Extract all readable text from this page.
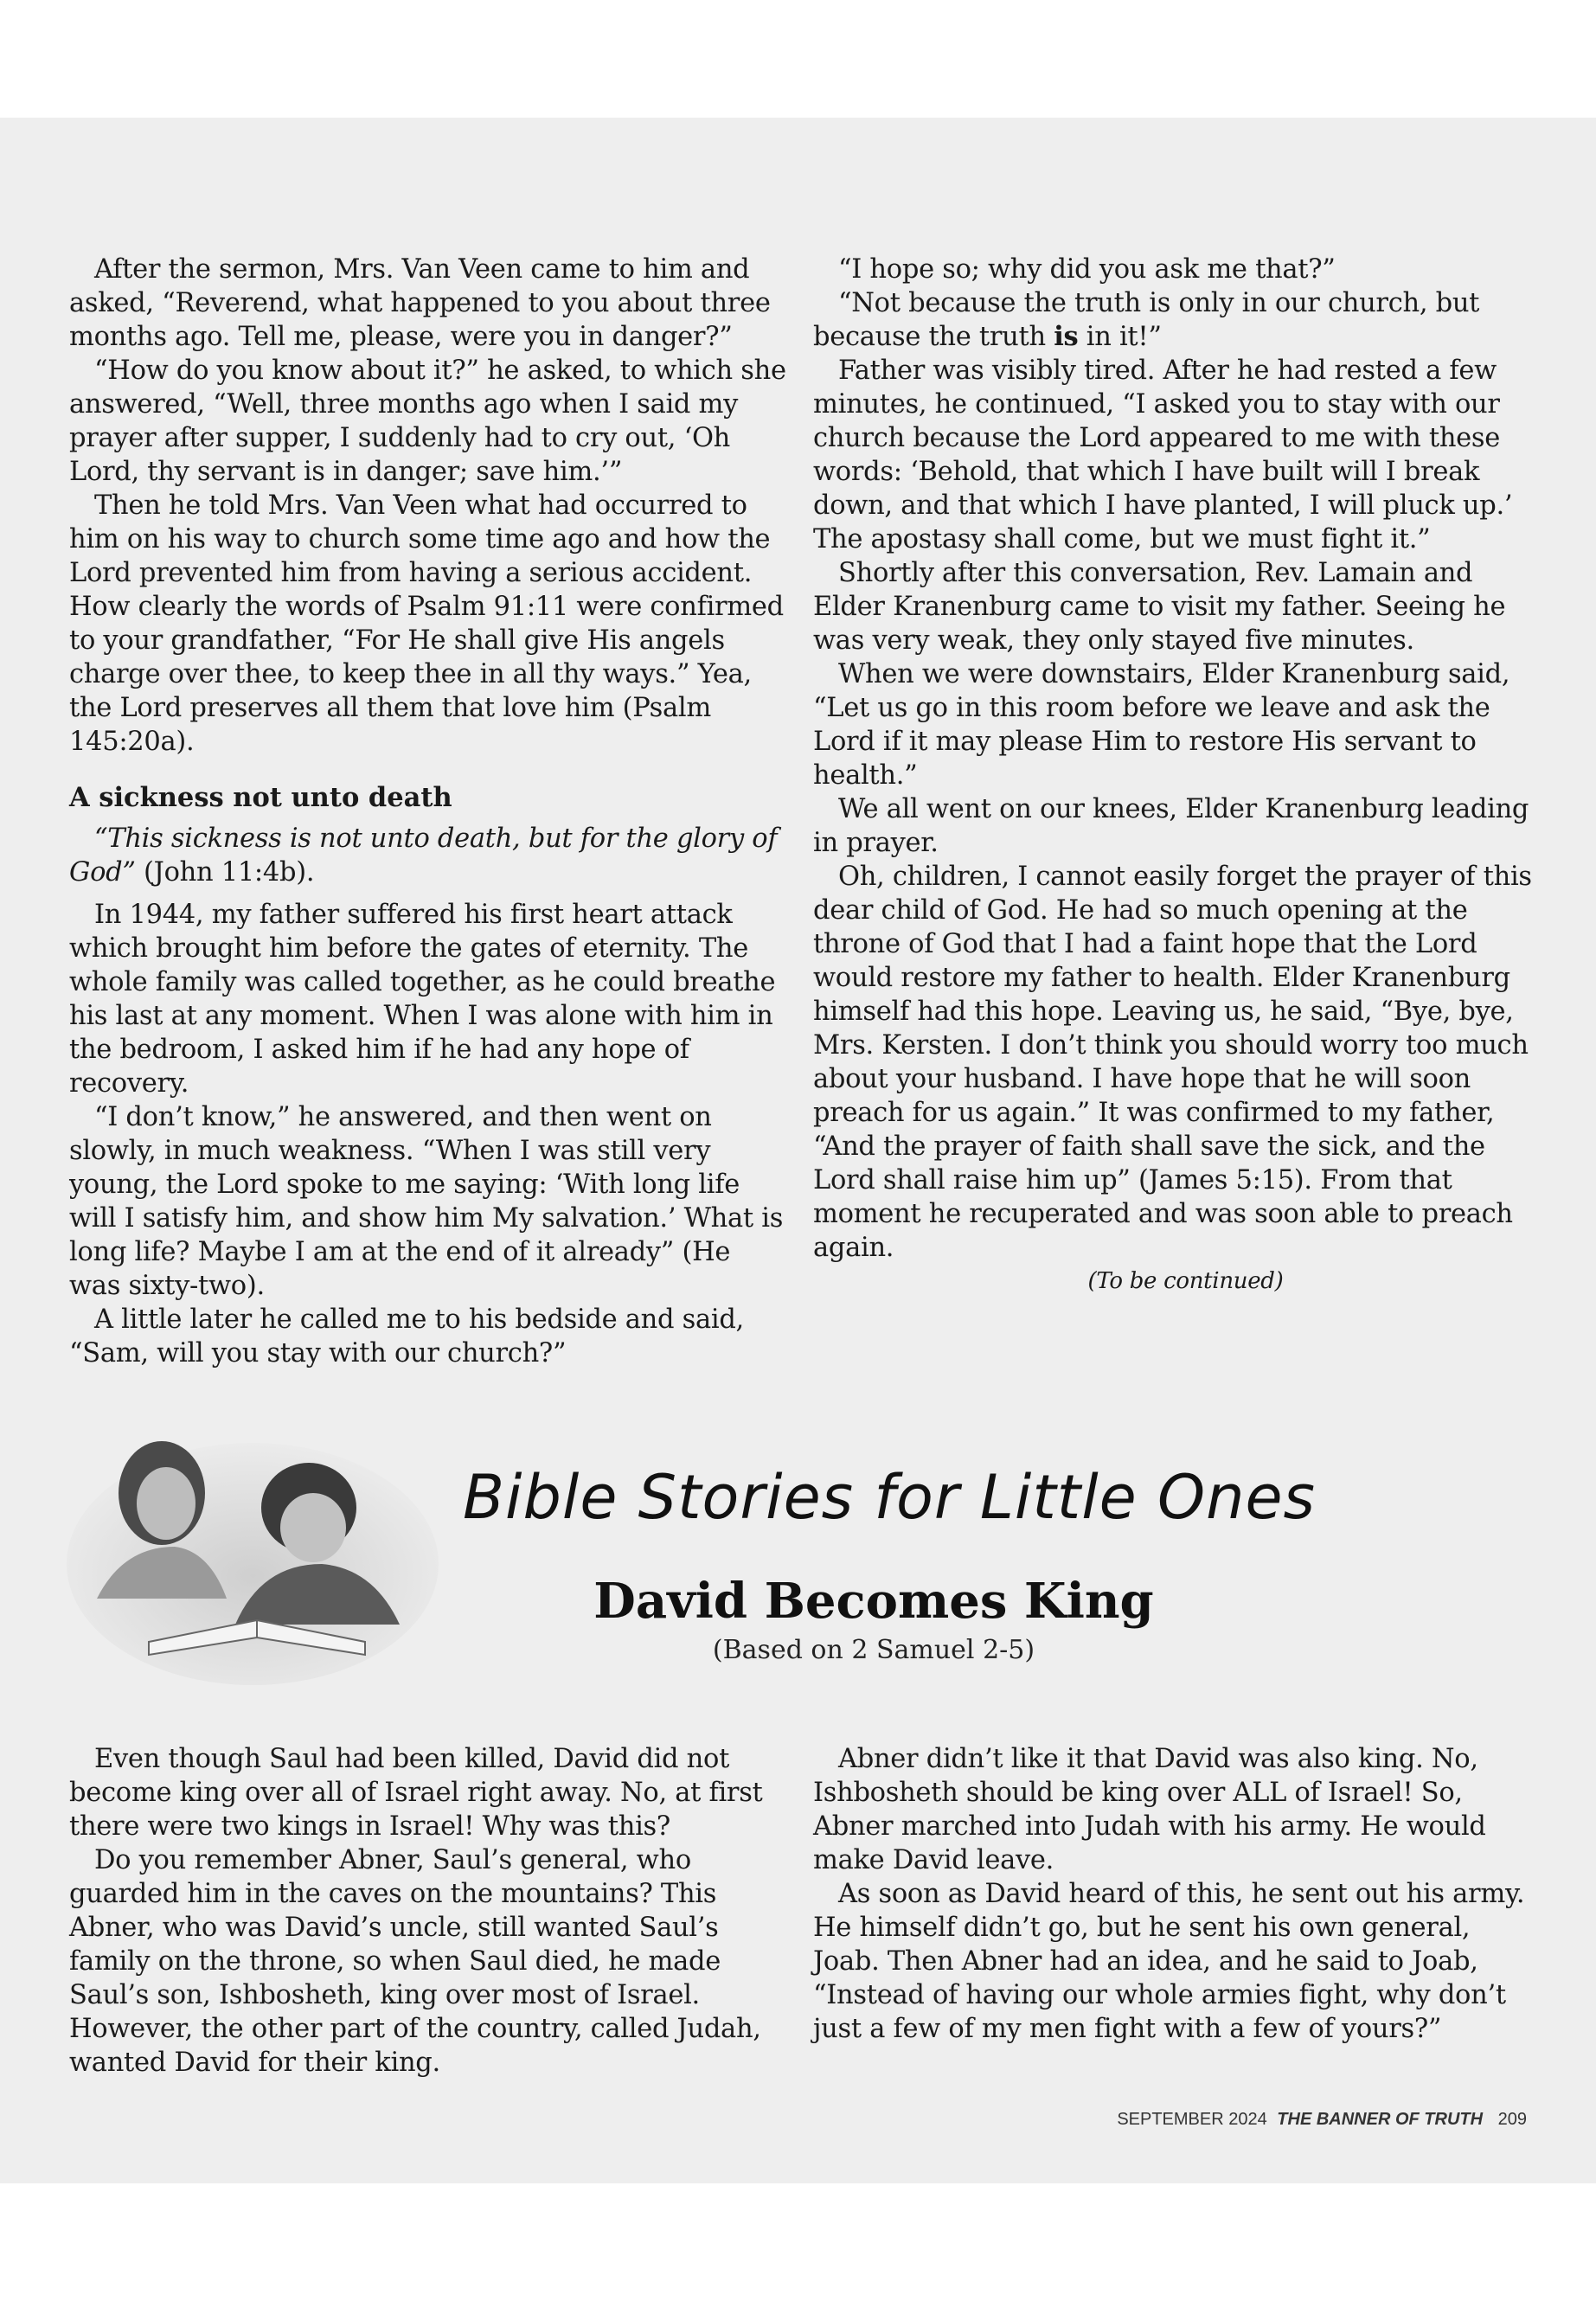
After the sermon, Mrs. Van Veen came to him and asked, “Reverend, what happened to you about three months ago. Tell me, please, were you in danger?”

“How do you know about it?” he asked, to which she answered, “Well, three months ago when I said my prayer after supper, I suddenly had to cry out, ‘Oh Lord, thy servant is in danger; save him.’”

Then he told Mrs. Van Veen what had occurred to him on his way to church some time ago and how the Lord prevented him from having a serious accident. How clearly the words of Psalm 91:11 were confirmed to your grandfather, “For He shall give His angels charge over thee, to keep thee in all thy ways.” Yea, the Lord preserves all them that love him (Psalm 145:20a).

A sickness not unto death

“This sickness is not unto death, but for the glory of God” (John 11:4b).

In 1944, my father suffered his first heart attack which brought him before the gates of eternity. The whole family was called together, as he could breathe his last at any moment. When I was alone with him in the bedroom, I asked him if he had any hope of recovery.

“I don’t know,” he answered, and then went on slowly, in much weakness. “When I was still very young, the Lord spoke to me saying: ‘With long life will I satisfy him, and show him My salvation.’ What is long life? Maybe I am at the end of it already” (He was sixty-two).

A little later he called me to his bedside and said, “Sam, will you stay with our church?”

“I hope so; why did you ask me that?”

“Not because the truth is only in our church, but because the truth is in it!”

Father was visibly tired. After he had rested a few minutes, he continued, “I asked you to stay with our church because the Lord appeared to me with these words: ‘Behold, that which I have built will I break down, and that which I have planted, I will pluck up.’ The apostasy shall come, but we must fight it.”

Shortly after this conversation, Rev. Lamain and Elder Kranenburg came to visit my father. Seeing he was very weak, they only stayed five minutes.

When we were downstairs, Elder Kranenburg said, “Let us go in this room before we leave and ask the Lord if it may please Him to restore His servant to health.”

We all went on our knees, Elder Kranenburg leading in prayer.

Oh, children, I cannot easily forget the prayer of this dear child of God. He had so much opening at the throne of God that I had a faint hope that the Lord would restore my father to health. Elder Kranenburg himself had this hope. Leaving us, he said, “Bye, bye, Mrs. Kersten. I don’t think you should worry too much about your husband. I have hope that he will soon preach for us again.” It was confirmed to my father, “And the prayer of faith shall save the sick, and the Lord shall raise him up” (James 5:15). From that moment he recuperated and was soon able to preach again.

(To be continued)

Bible Stories for Little Ones
David Becomes King
(Based on 2 Samuel 2-5)

Even though Saul had been killed, David did not become king over all of Israel right away. No, at first there were two kings in Israel! Why was this?

Do you remember Abner, Saul’s general, who guarded him in the caves on the mountains? This Abner, who was David’s uncle, still wanted Saul’s family on the throne, so when Saul died, he made Saul’s son, Ishbosheth, king over most of Israel. However, the other part of the country, called Judah, wanted David for their king.

Abner didn’t like it that David was also king. No, Ishbosheth should be king over ALL of Israel! So, Abner marched into Judah with his army. He would make David leave.

As soon as David heard of this, he sent out his army. He himself didn’t go, but he sent his own general, Joab. Then Abner had an idea, and he said to Joab, “Instead of having our whole armies fight, why don’t just a few of my men fight with a few of yours?”

SEPTEMBER 2024 THE BANNER OF TRUTH 209
